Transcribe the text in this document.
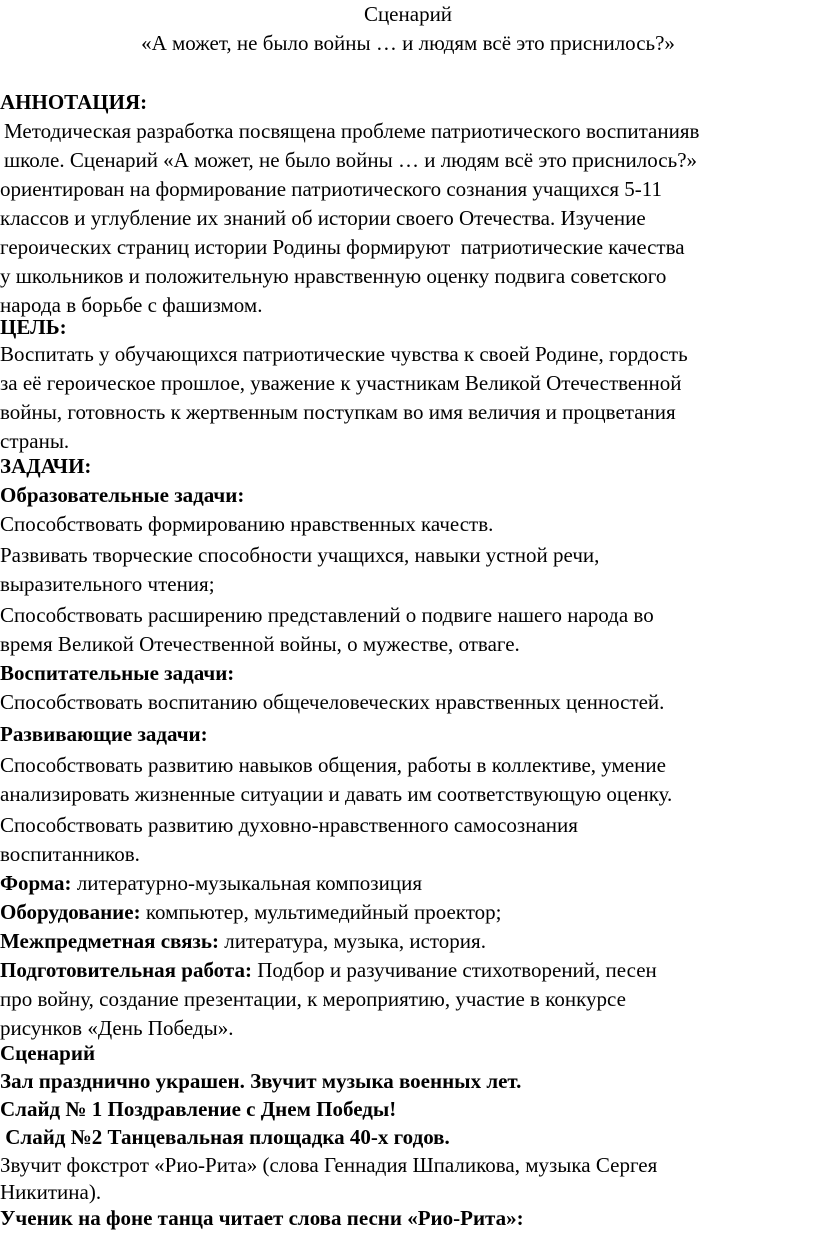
Сценарий
«А может, не было войны … и людям всё это приснилось?»
АННОТАЦИЯ:
Методическая разработка посвящена проблеме патриотического воспитанияв
школе. Сценарий «А может, не было войны … и людям всё это приснилось?»
ориентирован на формирование патриотического сознания учащихся 5-11
классов и углубление их знаний об истории своего Отечества. Изучение
героических страниц истории Родины формируют  патриотические качества
у школьников и положительную нравственную оценку подвига советского
народа в борьбе с фашизмом.
ЦЕЛЬ:
Воспитать у обучающихся патриотические чувства к своей Родине, гордость
за её героическое прошлое, уважение к участникам Великой Отечественной
войны, готовность к жертвенным поступкам во имя величия и процветания
страны.
ЗАДАЧИ:
Образовательные задачи:
Способствовать формированию нравственных качеств.
Развивать творческие способности учащихся, навыки устной речи,
выразительного чтения;
Способствовать расширению представлений о подвиге нашего народа во
время Великой Отечественной войны, о мужестве, отваге.
Воспитательные задачи:
Способствовать воспитанию общечеловеческих нравственных ценностей.
Развивающие задачи:
Способствовать развитию навыков общения, работы в коллективе, умение
анализировать жизненные ситуации и давать им соответствующую оценку.
Способствовать развитию духовно-нравственного самосознания
воспитанников.
Форма: литературно-музыкальная композиция
Оборудование: компьютер, мультимедийный проектор;
Межпредметная связь: литература, музыка, история.
Подготовительная работа: Подбор и разучивание стихотворений, песен
про войну, создание презентации, к мероприятию, участие в конкурсе
рисунков «День Победы».
Сценарий
Зал празднично украшен. Звучит музыка военных лет.
Слайд № 1 Поздравление с Днем Победы!
Слайд №2 Танцевальная площадка 40-х годов.
Звучит фокстрот «Рио-Рита» (слова Геннадия Шпаликова, музыка Сергея
Никитина).
Ученик на фоне танца читает слова песни «Рио-Рита»:
